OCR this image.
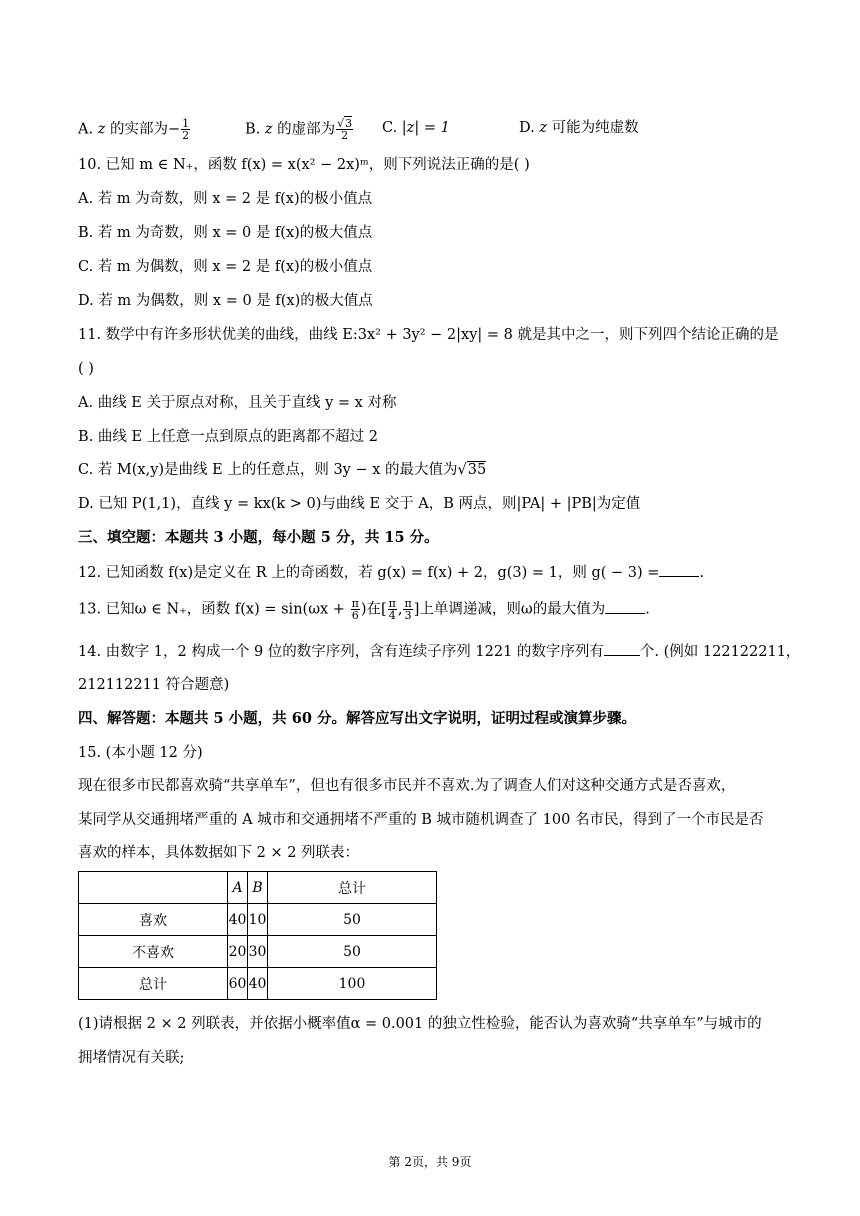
A. z 的实部为− $\frac{1}{2}$	B. z 的虚部为 $\frac{√3}{2} C$. |z| = 1	D. z 可能为纯虚数
10. 已知 m ∈ N₊，函数 f(x) = x(x² − 2x)ᵐ，则下列说法正确的是( )
A. 若 m 为奇数，则 x = 2 是 f(x)的极小值点
B. 若 m 为奇数，则 x = 0 是 f(x)的极大值点
C. 若 m 为偶数，则 x = 2 是 f(x)的极小值点
D. 若 m 为偶数，则 x = 0 是 f(x)的极大值点
11. 数学中有许多形状优美的曲线，曲线 E:3x² + 3y² − 2|xy| = 8 就是其中之一，则下列四个结论正确的是
( )
A. 曲线 E 关于原点对称，且关于直线 y = x 对称
B. 曲线 E 上任意一点到原点的距离都不超过 2
C. 若 M(x,y)是曲线 E 上的任意点，则 3y − x 的最大值为√35
D. 已知 P(1,1)，直线 y = kx(k > 0)与曲线 E 交于 A，B 两点，则|PA| + |PB|为定值
三、填空题：本题共 3 小题，每小题 5 分，共 15 分。
12. 已知函数 f(x)是定义在 R 上的奇函数，若 g(x) = f(x) + 2，g(3) = 1，则 g( − 3) =	.
13. 已知ω ∈ N₊，函数 $f(x) = \sin(\omega x + \frac{\pi}{6}$ )在[ $\frac{\pi}{4}$ , $\frac{\pi}{3}$ ]上单调递减，则ω的最大值为	.
14. 由数字 1，2 构成一个 9 位的数字序列，含有连续子序列 1221 的数字序列有 个. (例如 122122211，
212112211 符合题意)
四、解答题：本题共 5 小题，共 60 分。解答应写出文字说明，证明过程或演算步骤。
15. (本小题 12 分)
现在很多市民都喜欢骑“共享单车”，但也有很多市民并不喜欢.为了调查人们对这种交通方式是否喜欢，
某同学从交通拥堵严重的 A 城市和交通拥堵不严重的 B 城市随机调查了 100 名市民，得到了一个市民是否
喜欢的样本，具体数据如下 2 × 2 列联表：
	A	B	总计
喜欢	40	10	50
不喜欢	20	30	50
总计	60	40	100
(1)请根据 2 × 2 列联表，并依据小概率值α = 0.001 的独立性检验，能否认为喜欢骑“共享单车”与城市的
拥堵情况有关联;
第 2页，共 9页
